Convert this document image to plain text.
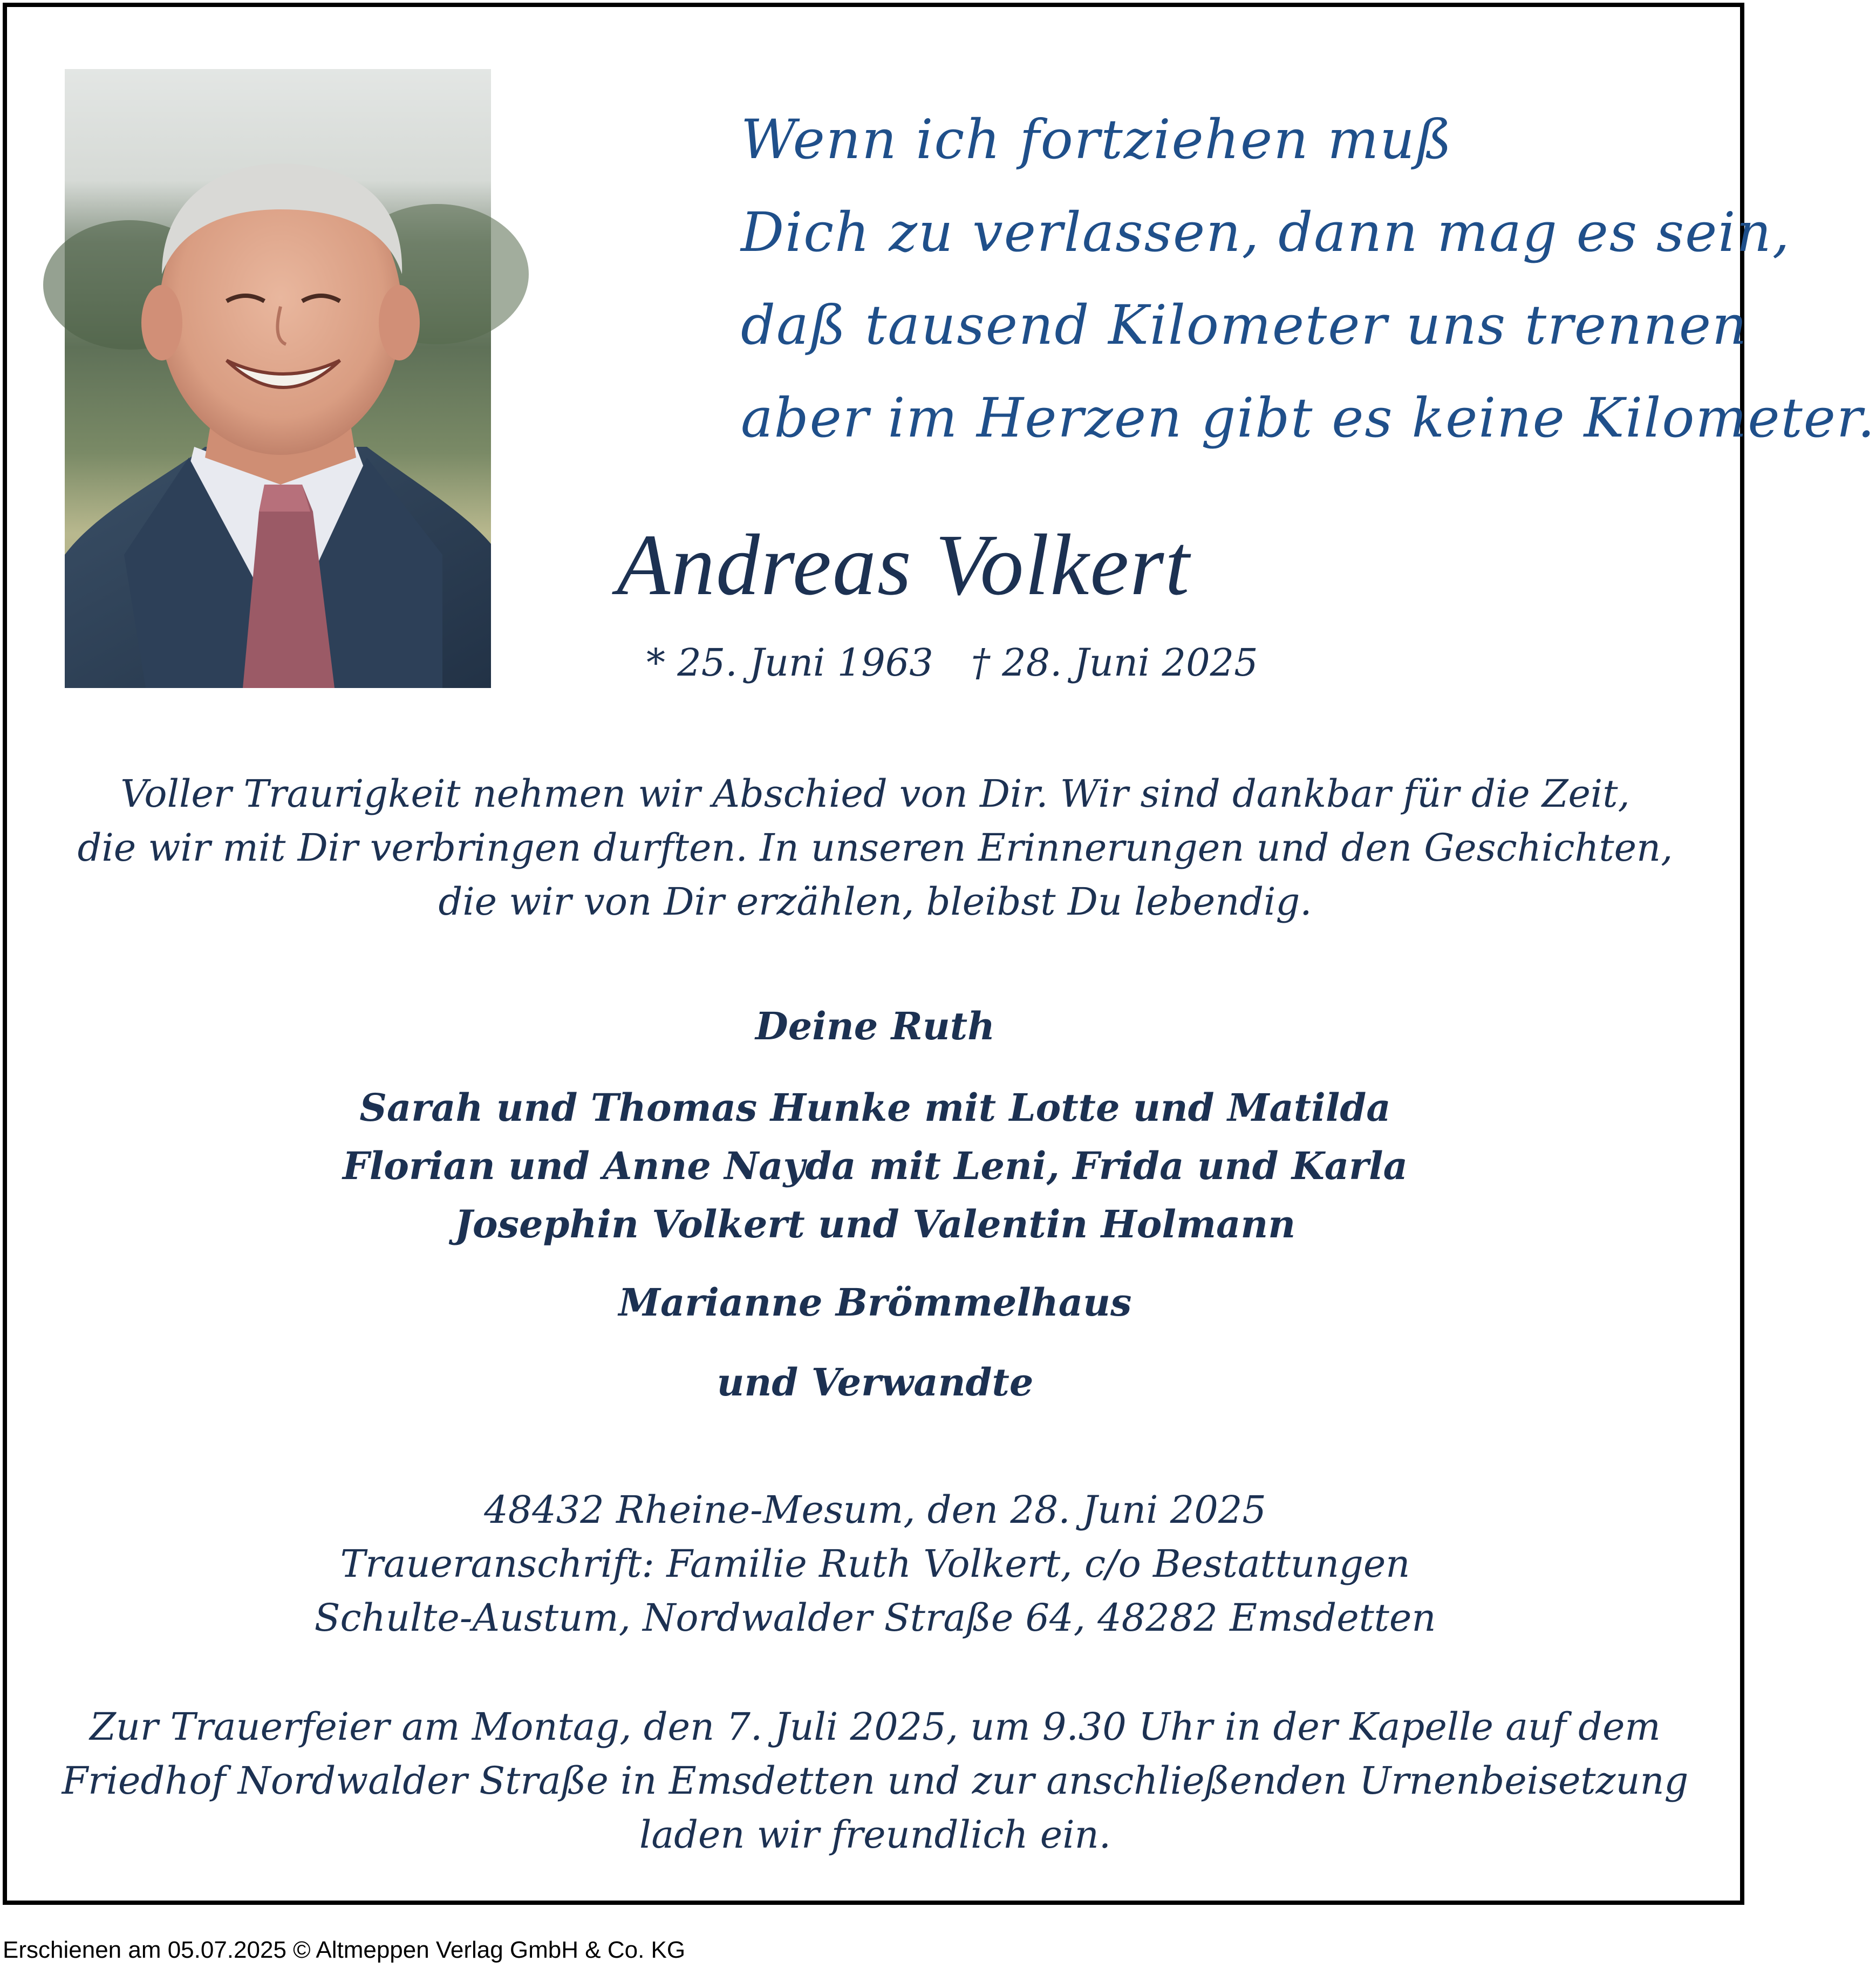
Wenn ich fortziehen muß
Dich zu verlassen, dann mag es sein,
daß tausend Kilometer uns trennen
aber im Herzen gibt es keine Kilometer.
Andreas Volkert
* 25. Juni 1963 † 28. Juni 2025
Voller Traurigkeit nehmen wir Abschied von Dir. Wir sind dankbar für die Zeit,
die wir mit Dir verbringen durften. In unseren Erinnerungen und den Geschichten,
die wir von Dir erzählen, bleibst Du lebendig.
Deine Ruth
Sarah und Thomas Hunke mit Lotte und Matilda
Florian und Anne Nayda mit Leni, Frida und Karla
Josephin Volkert und Valentin Holmann
Marianne Brömmelhaus
und Verwandte
48432 Rheine-Mesum, den 28. Juni 2025
Traueranschrift: Familie Ruth Volkert, c/o Bestattungen
Schulte-Austum, Nordwalder Straße 64, 48282 Emsdetten
Zur Trauerfeier am Montag, den 7. Juli 2025, um 9.30 Uhr in der Kapelle auf dem
Friedhof Nordwalder Straße in Emsdetten und zur anschließenden Urnenbeisetzung
laden wir freundlich ein.
Erschienen am 05.07.2025 © Altmeppen Verlag GmbH & Co. KG
